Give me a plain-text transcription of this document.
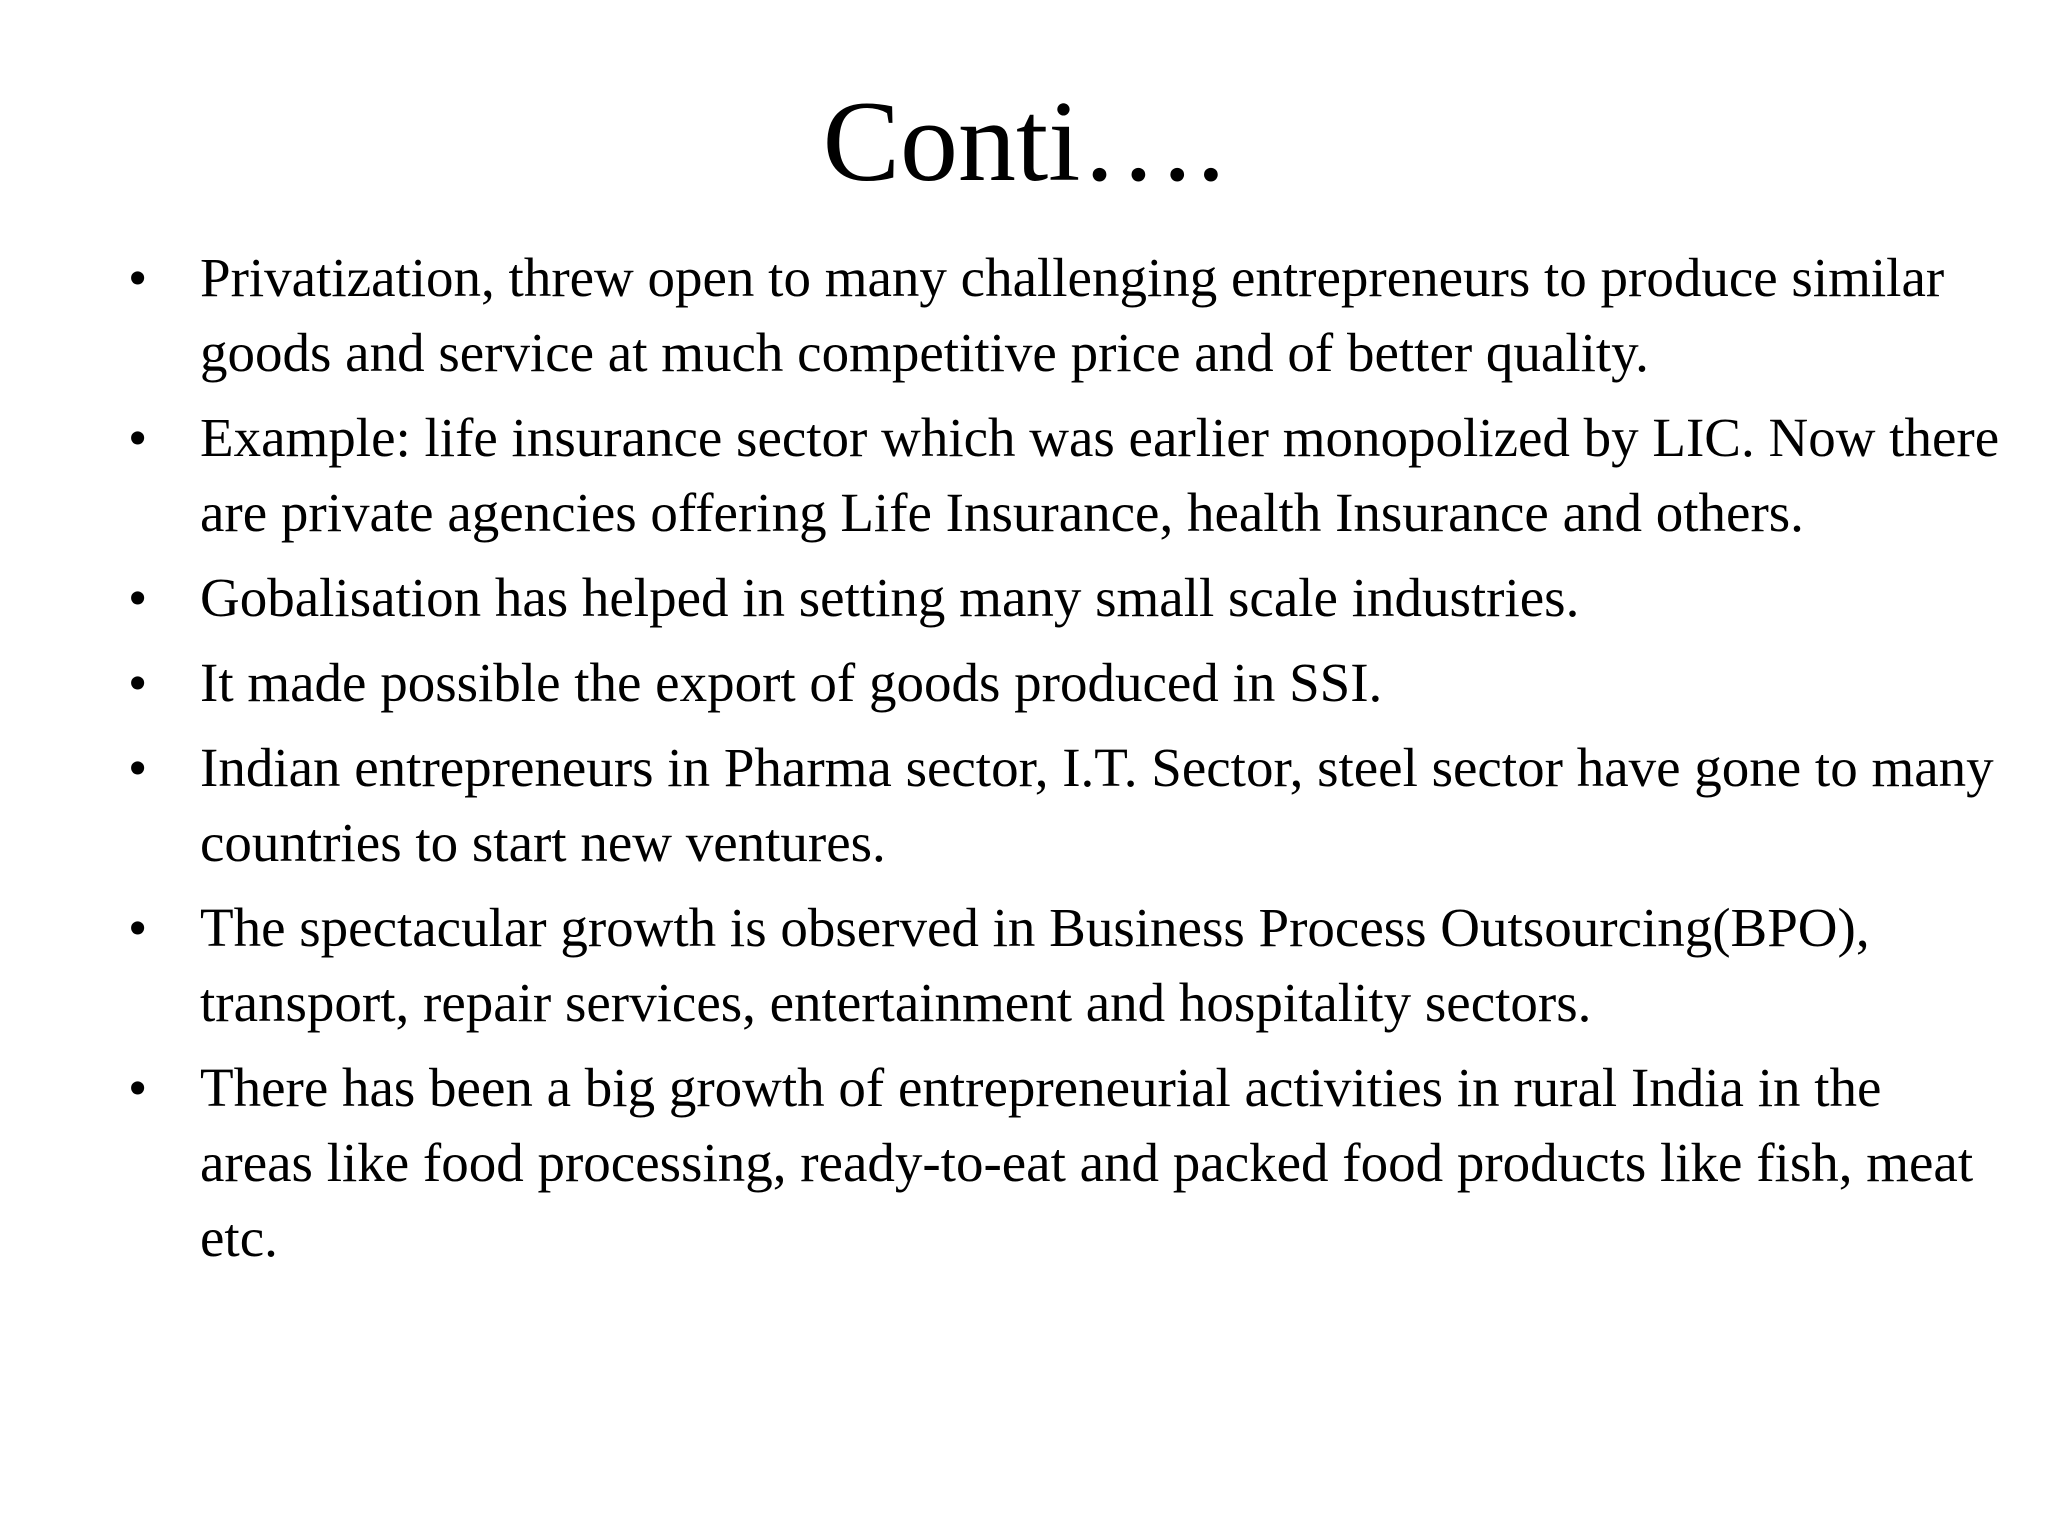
Conti….
• Privatization, threw open to many challenging entrepreneurs to produce similar goods and service at much competitive price and of better quality.
• Example: life insurance sector which was earlier monopolized by LIC. Now there are private agencies offering Life Insurance, health Insurance and others.
• Gobalisation has helped in setting many small scale industries.
• It made possible the export of goods produced in SSI.
• Indian entrepreneurs in Pharma sector, I.T. Sector, steel sector have gone to many countries to start new ventures.
• The spectacular growth is observed in Business Process Outsourcing(BPO), transport, repair services, entertainment and hospitality sectors.
• There has been a big growth of entrepreneurial activities in rural India in the areas like food processing, ready-to-eat and packed food products like fish, meat etc.
